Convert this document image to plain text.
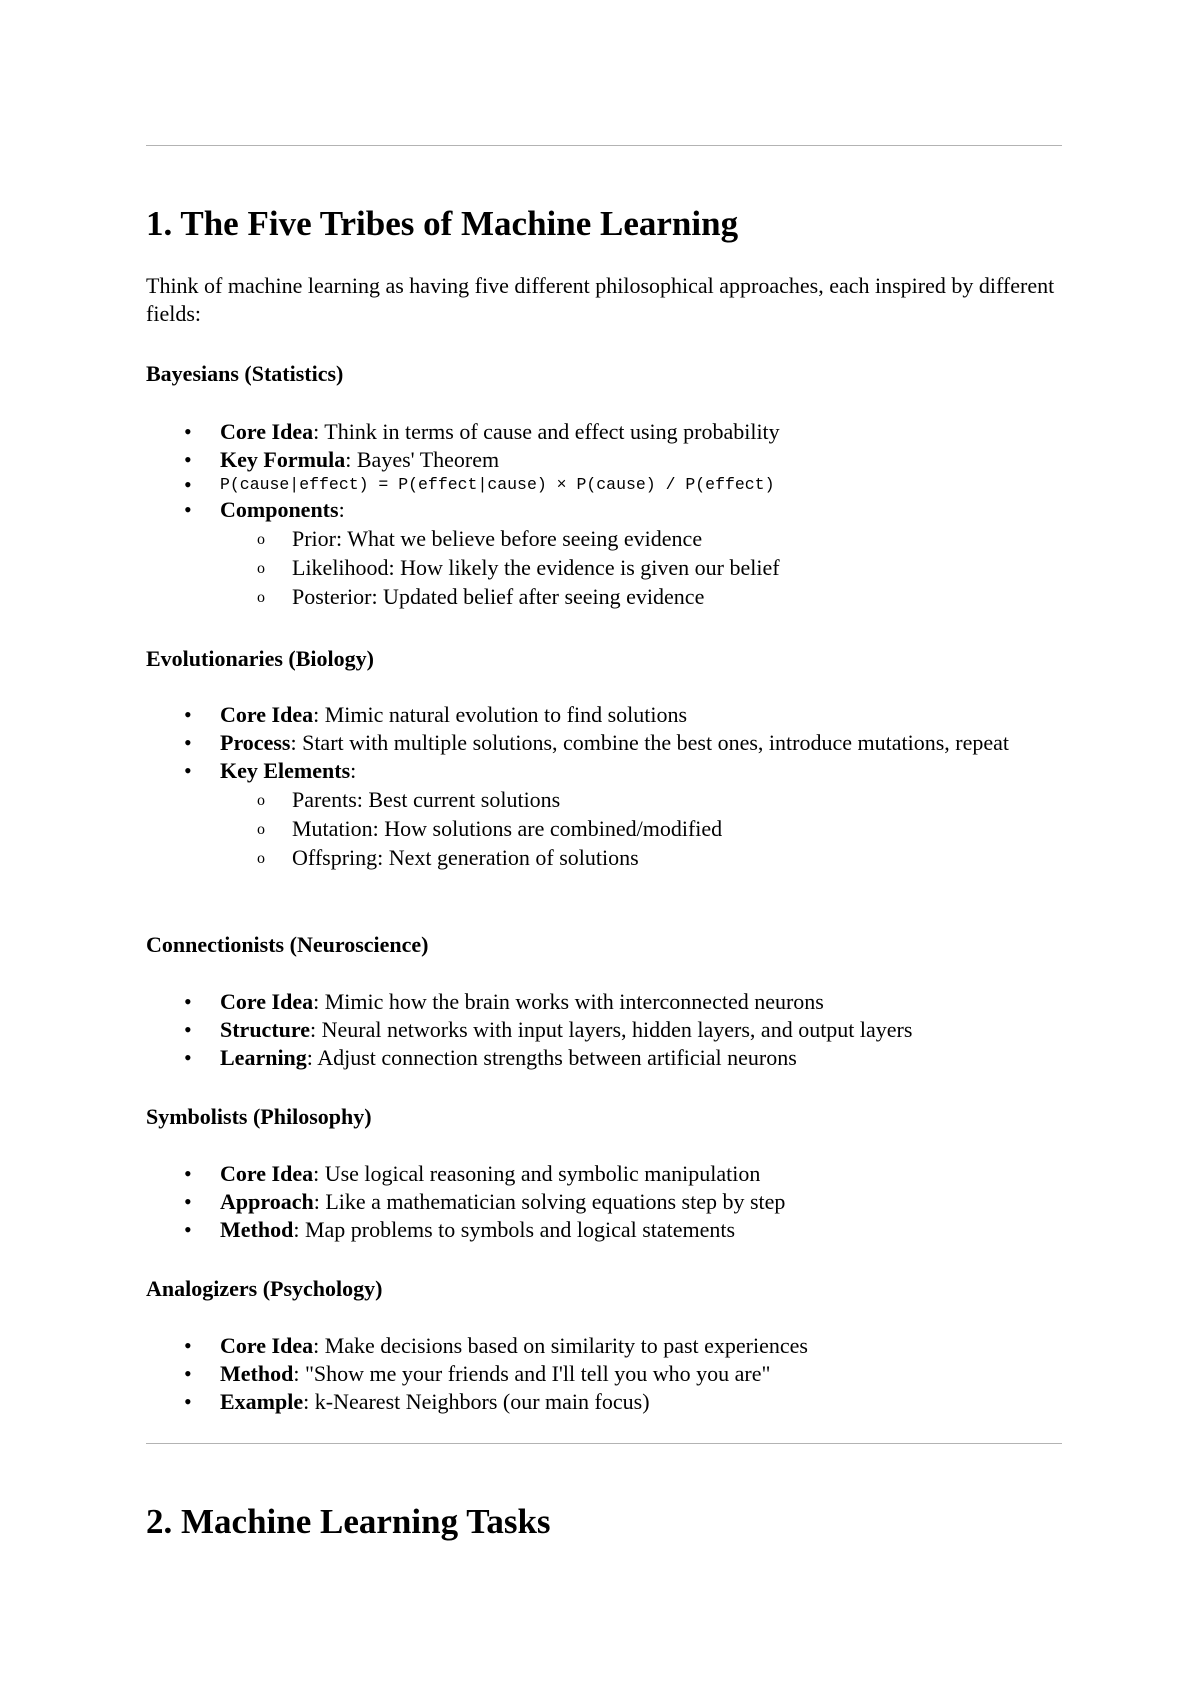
1. The Five Tribes of Machine Learning

Think of machine learning as having five different philosophical approaches, each inspired by different fields:

Bayesians (Statistics)
• Core Idea: Think in terms of cause and effect using probability
• Key Formula: Bayes' Theorem
• P(cause|effect) = P(effect|cause) × P(cause) / P(effect)
• Components:
o Prior: What we believe before seeing evidence
o Likelihood: How likely the evidence is given our belief
o Posterior: Updated belief after seeing evidence
Evolutionaries (Biology)
• Core Idea: Mimic natural evolution to find solutions
• Process: Start with multiple solutions, combine the best ones, introduce mutations, repeat
• Key Elements:
o Parents: Best current solutions
o Mutation: How solutions are combined/modified
o Offspring: Next generation of solutions
Connectionists (Neuroscience)
• Core Idea: Mimic how the brain works with interconnected neurons
• Structure: Neural networks with input layers, hidden layers, and output layers
• Learning: Adjust connection strengths between artificial neurons
Symbolists (Philosophy)
• Core Idea: Use logical reasoning and symbolic manipulation
• Approach: Like a mathematician solving equations step by step
• Method: Map problems to symbols and logical statements
Analogizers (Psychology)
• Core Idea: Make decisions based on similarity to past experiences
• Method: "Show me your friends and I'll tell you who you are"
• Example: k-Nearest Neighbors (our main focus)
2. Machine Learning Tasks
